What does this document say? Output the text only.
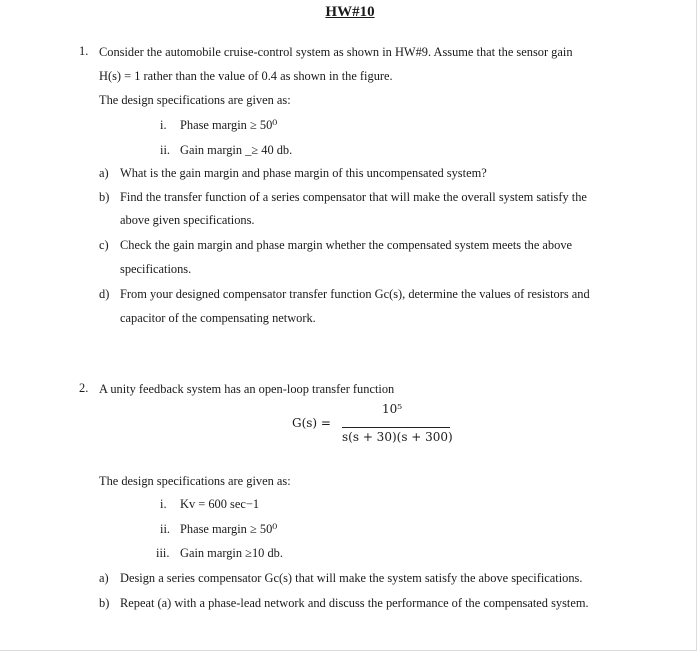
HW#10
1. Consider the automobile cruise-control system as shown in HW#9. Assume that the sensor gain
H(s) = 1 rather than the value of 0.4 as shown in the figure.
The design specifications are given as:
i. Phase margin ≥ 50⁰
ii. Gain margin _≥ 40 db.
a) What is the gain margin and phase margin of this uncompensated system?
b) Find the transfer function of a series compensator that will make the overall system satisfy the
above given specifications.
c) Check the gain margin and phase margin whether the compensated system meets the above
specifications.
d) From your designed compensator transfer function Gc(s), determine the values of resistors and
capacitor of the compensating network.
2. A unity feedback system has an open-loop transfer function
G(s) =
10⁵
s(s + 30)(s + 300)
The design specifications are given as:
i. Kv = 600 sec−1
ii. Phase margin ≥ 50⁰
iii. Gain margin ≥10 db.
a) Design a series compensator Gc(s) that will make the system satisfy the above specifications.
b) Repeat (a) with a phase-lead network and discuss the performance of the compensated system.
